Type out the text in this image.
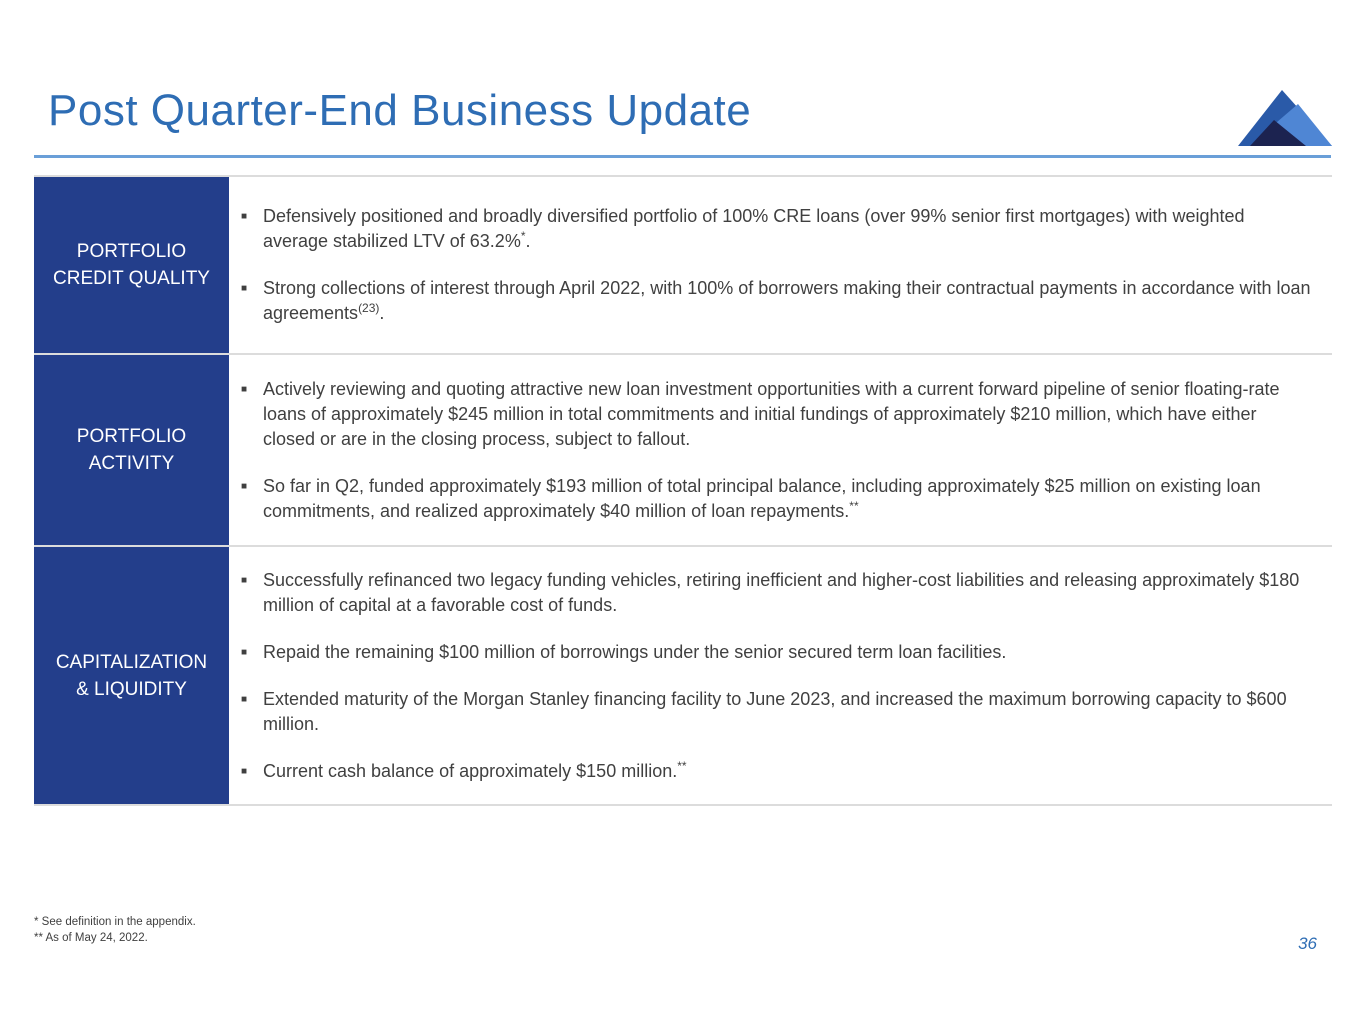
Post Quarter-End Business Update
PORTFOLIO
CREDIT QUALITY
■ Defensively positioned and broadly diversified portfolio of 100% CRE loans (over 99% senior first mortgages) with weighted average stabilized LTV of 63.2%*.
■ Strong collections of interest through April 2022, with 100% of borrowers making their contractual payments in accordance with loan agreements$^{(23)}$.
PORTFOLIO
ACTIVITY
■ Actively reviewing and quoting attractive new loan investment opportunities with a current forward pipeline of senior floating-rate loans of approximately $245 million in total commitments and initial fundings of approximately $210 million, which have either closed or are in the closing process, subject to fallout.
■ So far in Q2, funded approximately $193 million of total principal balance, including approximately $25 million on existing loan commitments, and realized approximately $40 million of loan repayments.**
CAPITALIZATION
& LIQUIDITY
■ Successfully refinanced two legacy funding vehicles, retiring inefficient and higher-cost liabilities and releasing approximately $180 million of capital at a favorable cost of funds.
■ Repaid the remaining $100 million of borrowings under the senior secured term loan facilities.
■ Extended maturity of the Morgan Stanley financing facility to June 2023, and increased the maximum borrowing capacity to $600 million.
■ Current cash balance of approximately $150 million.**
* See definition in the appendix.
** As of May 24, 2022.	36
